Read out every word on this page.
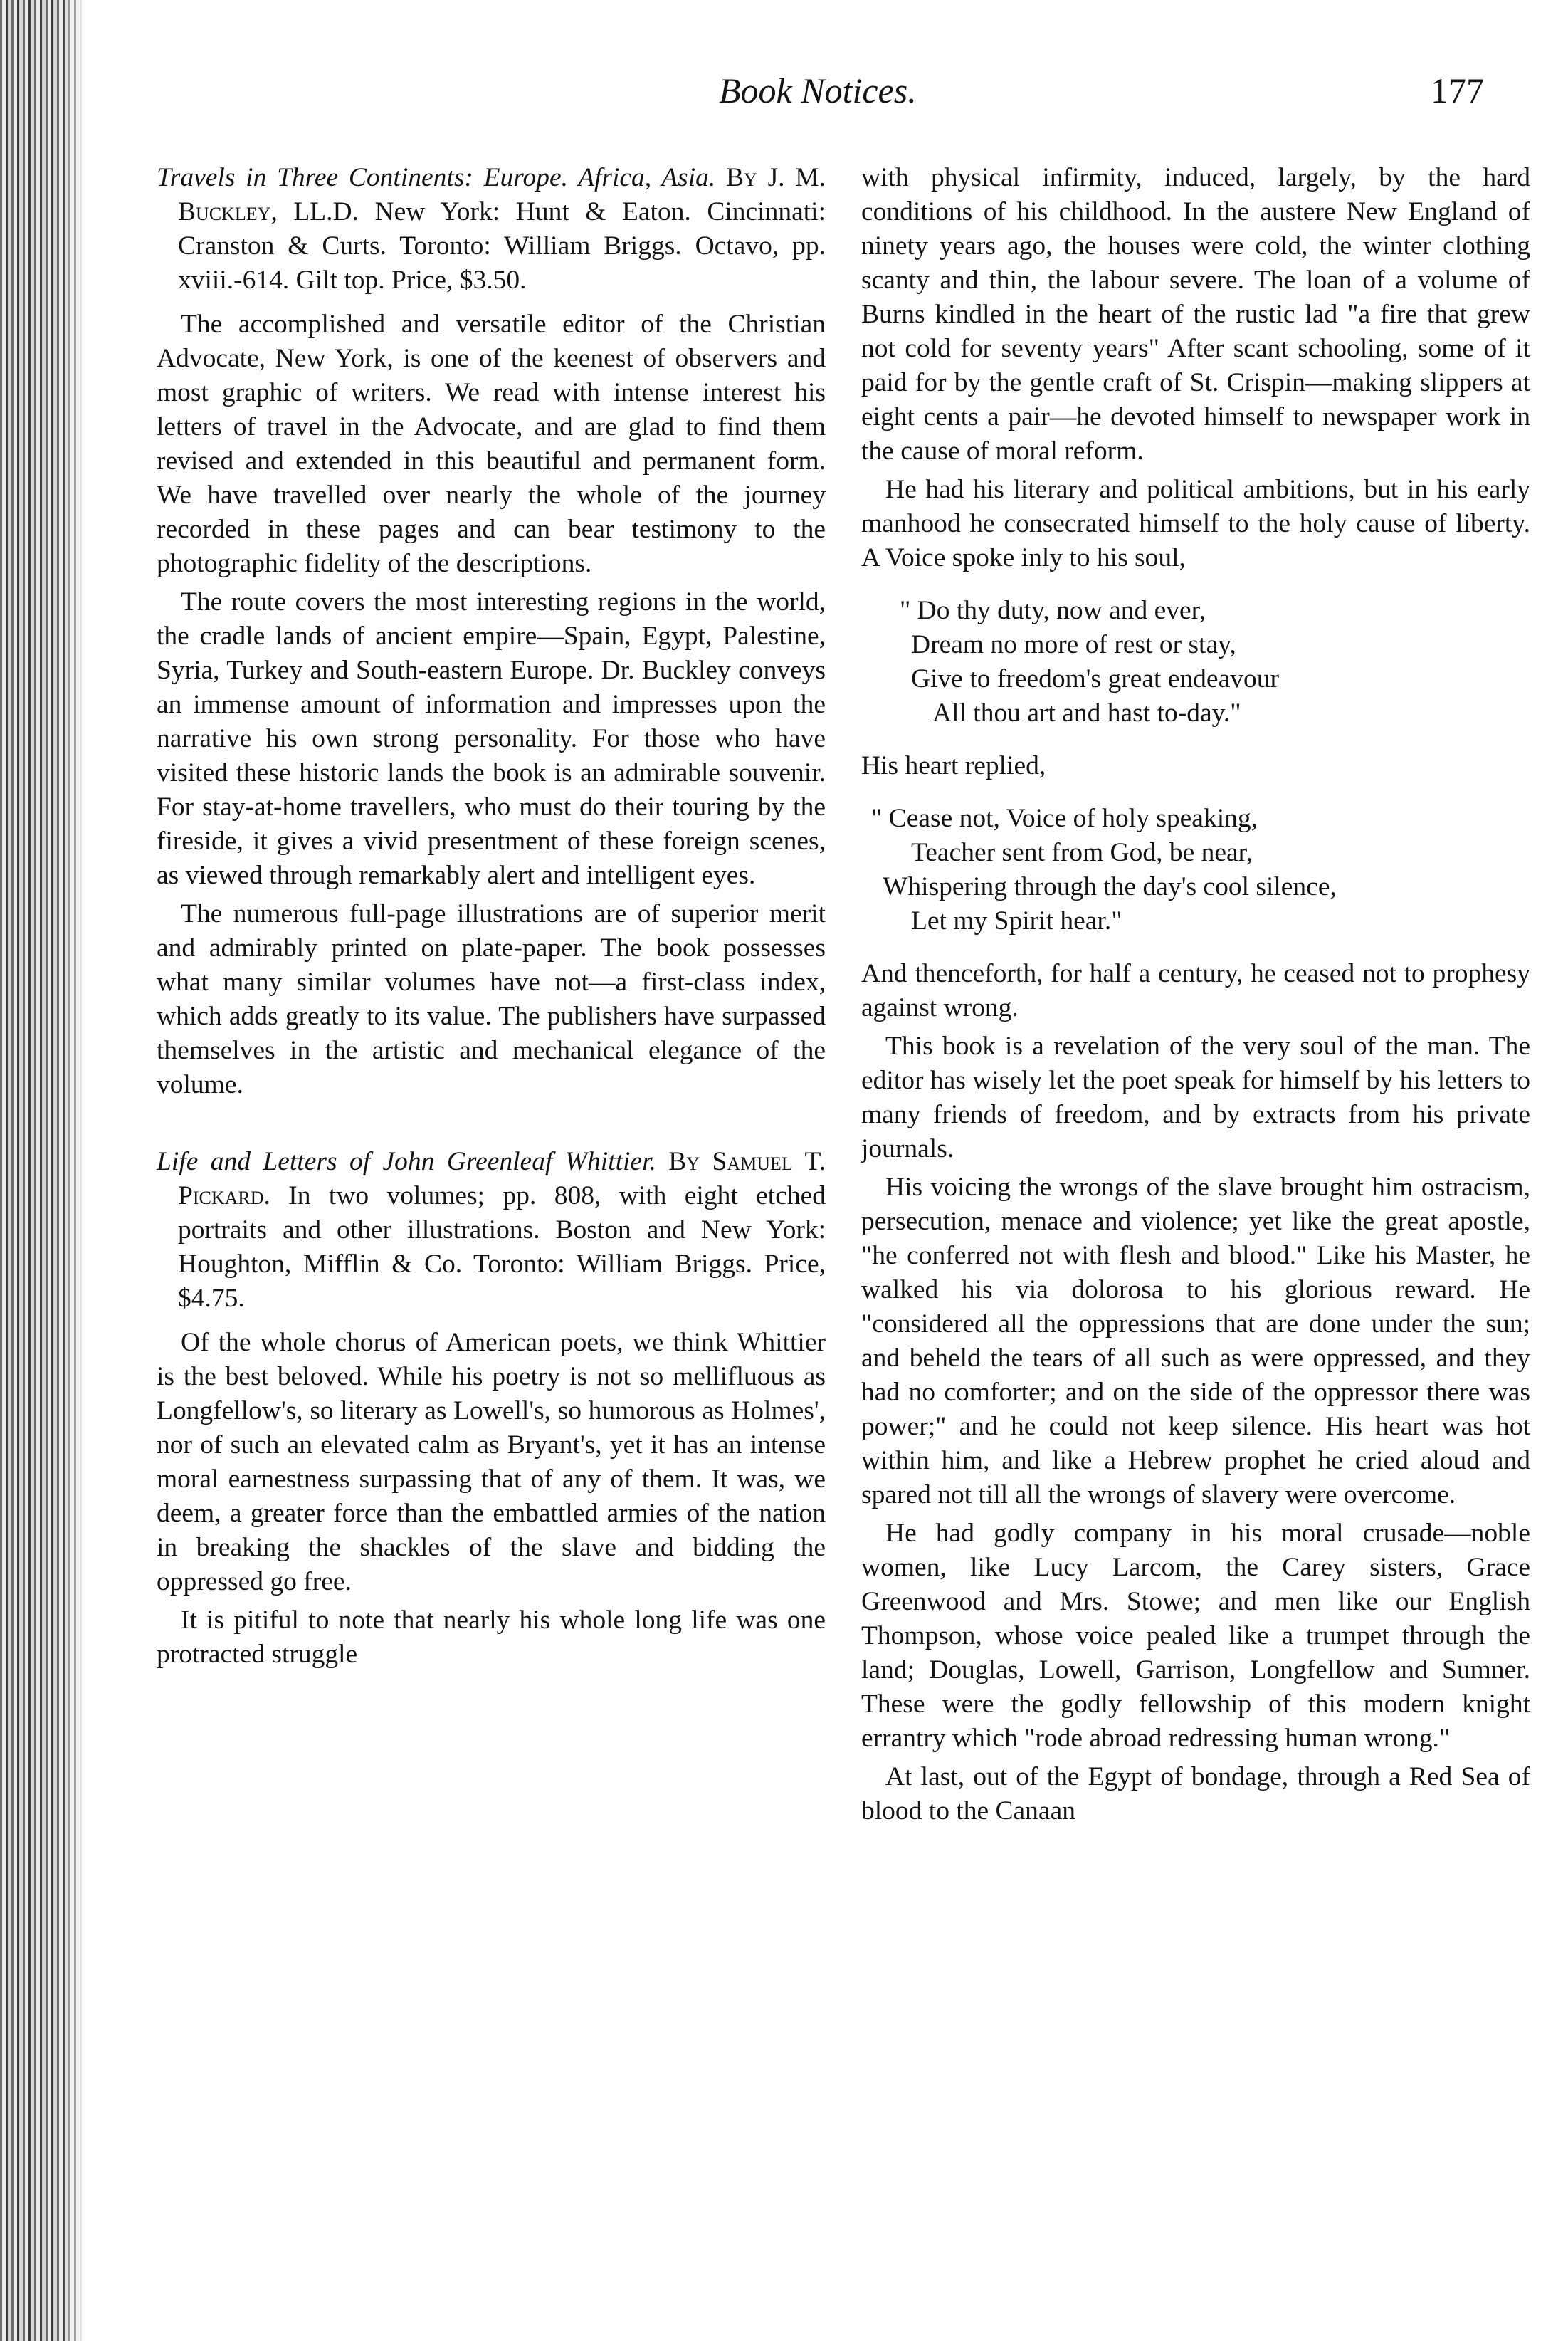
Book Notices.	177

Travels in Three Continents: Europe. Africa, Asia. By J. M. Buckley, LL.D. New York: Hunt & Eaton. Cincinnati: Cranston & Curts. Toronto: William Briggs. Octavo, pp. xviii.-614. Gilt top. Price, $3.50.

The accomplished and versatile editor of the Christian Advocate, New York, is one of the keenest of observers and most graphic of writers. We read with intense interest his letters of travel in the Advocate, and are glad to find them revised and extended in this beautiful and permanent form. We have travelled over nearly the whole of the journey recorded in these pages and can bear testimony to the photographic fidelity of the descriptions.

The route covers the most interesting regions in the world, the cradle lands of ancient empire—Spain, Egypt, Palestine, Syria, Turkey and South-eastern Europe. Dr. Buckley conveys an immense amount of information and impresses upon the narrative his own strong personality. For those who have visited these historic lands the book is an admirable souvenir. For stay-at-home travellers, who must do their touring by the fireside, it gives a vivid presentment of these foreign scenes, as viewed through remarkably alert and intelligent eyes.

The numerous full-page illustrations are of superior merit and admirably printed on plate-paper. The book possesses what many similar volumes have not—a first-class index, which adds greatly to its value. The publishers have surpassed themselves in the artistic and mechanical elegance of the volume.

Life and Letters of John Greenleaf Whittier. By Samuel T. Pickard. In two volumes; pp. 808, with eight etched portraits and other illustrations. Boston and New York: Houghton, Mifflin & Co. Toronto: William Briggs. Price, $4.75.

Of the whole chorus of American poets, we think Whittier is the best beloved. While his poetry is not so mellifluous as Longfellow's, so literary as Lowell's, so humorous as Holmes', nor of such an elevated calm as Bryant's, yet it has an intense moral earnestness surpassing that of any of them. It was, we deem, a greater force than the embattled armies of the nation in breaking the shackles of the slave and bidding the oppressed go free.

It is pitiful to note that nearly his whole long life was one protracted struggle

with physical infirmity, induced, largely, by the hard conditions of his childhood. In the austere New England of ninety years ago, the houses were cold, the winter clothing scanty and thin, the labour severe. The loan of a volume of Burns kindled in the heart of the rustic lad "a fire that grew not cold for seventy years" After scant schooling, some of it paid for by the gentle craft of St. Crispin—making slippers at eight cents a pair—he devoted himself to newspaper work in the cause of moral reform.

He had his literary and political ambitions, but in his early manhood he consecrated himself to the holy cause of liberty. A Voice spoke inly to his soul,

" Do thy duty, now and ever,

Dream no more of rest or stay,

Give to freedom's great endeavour

All thou art and hast to-day."

His heart replied,

" Cease not, Voice of holy speaking,

Teacher sent from God, be near,

Whispering through the day's cool silence,

Let my Spirit hear."

And thenceforth, for half a century, he ceased not to prophesy against wrong.

This book is a revelation of the very soul of the man. The editor has wisely let the poet speak for himself by his letters to many friends of freedom, and by extracts from his private journals.

His voicing the wrongs of the slave brought him ostracism, persecution, menace and violence; yet like the great apostle, "he conferred not with flesh and blood." Like his Master, he walked his via dolorosa to his glorious reward. He "considered all the oppressions that are done under the sun; and beheld the tears of all such as were oppressed, and they had no comforter; and on the side of the oppressor there was power;" and he could not keep silence. His heart was hot within him, and like a Hebrew prophet he cried aloud and spared not till all the wrongs of slavery were overcome.

He had godly company in his moral crusade—noble women, like Lucy Larcom, the Carey sisters, Grace Greenwood and Mrs. Stowe; and men like our English Thompson, whose voice pealed like a trumpet through the land; Douglas, Lowell, Garrison, Longfellow and Sumner. These were the godly fellowship of this modern knight errantry which "rode abroad redressing human wrong."

At last, out of the Egypt of bondage, through a Red Sea of blood to the Canaan
